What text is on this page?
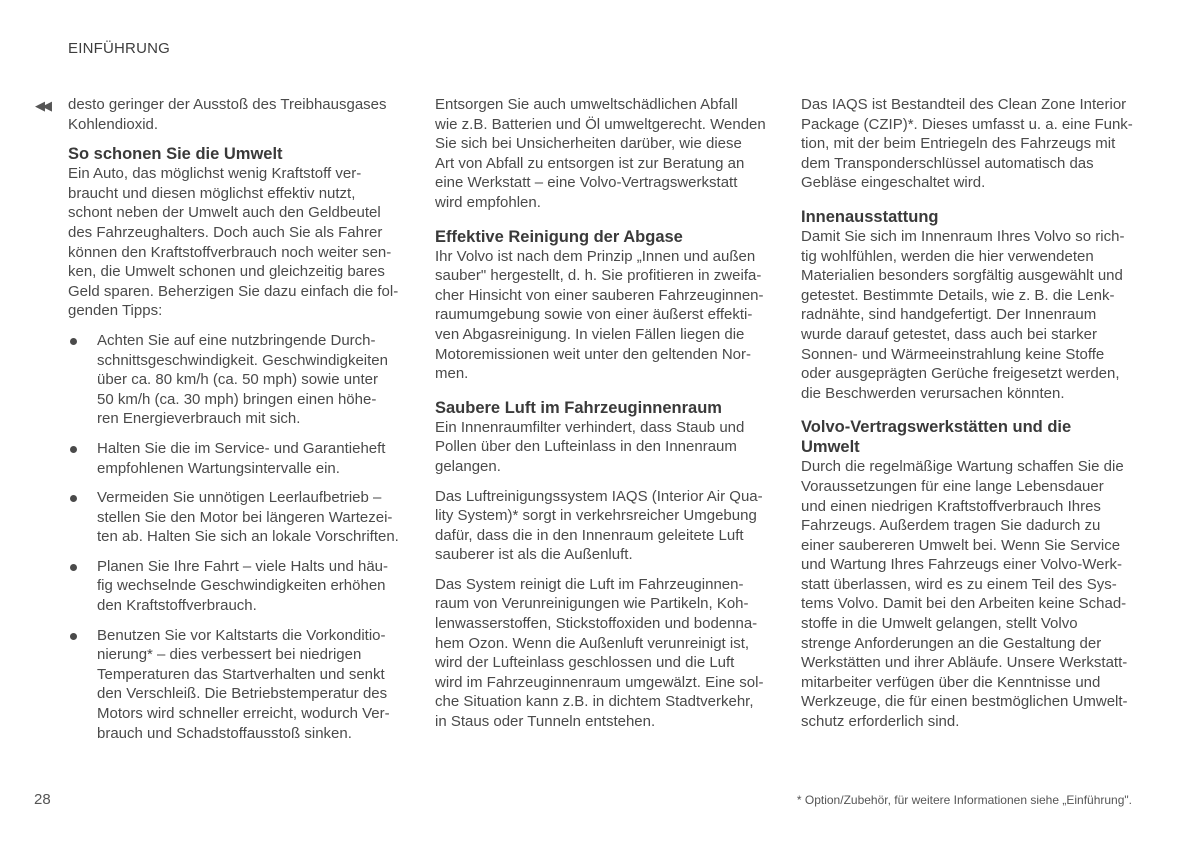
EINFÜHRUNG
◀◀ desto geringer der Ausstoß des Treibhausgases
Kohlendioxid.
So schonen Sie die Umwelt
Ein Auto, das möglichst wenig Kraftstoff ver-
braucht und diesen möglichst effektiv nutzt,
schont neben der Umwelt auch den Geldbeutel
des Fahrzeughalters. Doch auch Sie als Fahrer
können den Kraftstoffverbrauch noch weiter sen-
ken, die Umwelt schonen und gleichzeitig bares
Geld sparen. Beherzigen Sie dazu einfach die fol-
genden Tipps:
Achten Sie auf eine nutzbringende Durch-
schnittsgeschwindigkeit. Geschwindigkeiten
über ca. 80 km/h (ca. 50 mph) sowie unter
50 km/h (ca. 30 mph) bringen einen höhe-
ren Energieverbrauch mit sich.
Halten Sie die im Service- und Garantieheft
empfohlenen Wartungsintervalle ein.
Vermeiden Sie unnötigen Leerlaufbetrieb –
stellen Sie den Motor bei längeren Wartezei-
ten ab. Halten Sie sich an lokale Vorschriften.
Planen Sie Ihre Fahrt – viele Halts und häu-
fig wechselnde Geschwindigkeiten erhöhen
den Kraftstoffverbrauch.
Benutzen Sie vor Kaltstarts die Vorkonditio-
nierung* – dies verbessert bei niedrigen
Temperaturen das Startverhalten und senkt
den Verschleiß. Die Betriebstemperatur des
Motors wird schneller erreicht, wodurch Ver-
brauch und Schadstoffausstoß sinken.
Entsorgen Sie auch umweltschädlichen Abfall
wie z.B. Batterien und Öl umweltgerecht. Wenden
Sie sich bei Unsicherheiten darüber, wie diese
Art von Abfall zu entsorgen ist zur Beratung an
eine Werkstatt – eine Volvo-Vertragswerkstatt
wird empfohlen.
Effektive Reinigung der Abgase
Ihr Volvo ist nach dem Prinzip „Innen und außen
sauber" hergestellt, d. h. Sie profitieren in zweifa-
cher Hinsicht von einer sauberen Fahrzeuginnen-
raumumgebung sowie von einer äußerst effekti-
ven Abgasreinigung. In vielen Fällen liegen die
Motoremissionen weit unter den geltenden Nor-
men.
Saubere Luft im Fahrzeuginnenraum
Ein Innenraumfilter verhindert, dass Staub und
Pollen über den Lufteinlass in den Innenraum
gelangen.
Das Luftreinigungssystem IAQS (Interior Air Qua-
lity System)* sorgt in verkehrsreicher Umgebung
dafür, dass die in den Innenraum geleitete Luft
sauberer ist als die Außenluft.
Das System reinigt die Luft im Fahrzeuginnen-
raum von Verunreinigungen wie Partikeln, Koh-
lenwasserstoffen, Stickstoffoxiden und bodenna-
hem Ozon. Wenn die Außenluft verunreinigt ist,
wird der Lufteinlass geschlossen und die Luft
wird im Fahrzeuginnenraum umgewälzt. Eine sol-
che Situation kann z.B. in dichtem Stadtverkehr,
in Staus oder Tunneln entstehen.
Das IAQS ist Bestandteil des Clean Zone Interior
Package (CZIP)*. Dieses umfasst u. a. eine Funk-
tion, mit der beim Entriegeln des Fahrzeugs mit
dem Transponderschlüssel automatisch das
Gebläse eingeschaltet wird.
Innenausstattung
Damit Sie sich im Innenraum Ihres Volvo so rich-
tig wohlfühlen, werden die hier verwendeten
Materialien besonders sorgfältig ausgewählt und
getestet. Bestimmte Details, wie z. B. die Lenk-
radnähte, sind handgefertigt. Der Innenraum
wurde darauf getestet, dass auch bei starker
Sonnen- und Wärmeeinstrahlung keine Stoffe
oder ausgeprägten Gerüche freigesetzt werden,
die Beschwerden verursachen könnten.
Volvo-Vertragswerkstätten und die
Umwelt
Durch die regelmäßige Wartung schaffen Sie die
Voraussetzungen für eine lange Lebensdauer
und einen niedrigen Kraftstoffverbrauch Ihres
Fahrzeugs. Außerdem tragen Sie dadurch zu
einer saubereren Umwelt bei. Wenn Sie Service
und Wartung Ihres Fahrzeugs einer Volvo-Werk-
statt überlassen, wird es zu einem Teil des Sys-
tems Volvo. Damit bei den Arbeiten keine Schad-
stoffe in die Umwelt gelangen, stellt Volvo
strenge Anforderungen an die Gestaltung der
Werkstätten und ihrer Abläufe. Unsere Werkstatt-
mitarbeiter verfügen über die Kenntnisse und
Werkzeuge, die für einen bestmöglichen Umwelt-
schutz erforderlich sind.
28	* Option/Zubehör, für weitere Informationen siehe „Einführung".
